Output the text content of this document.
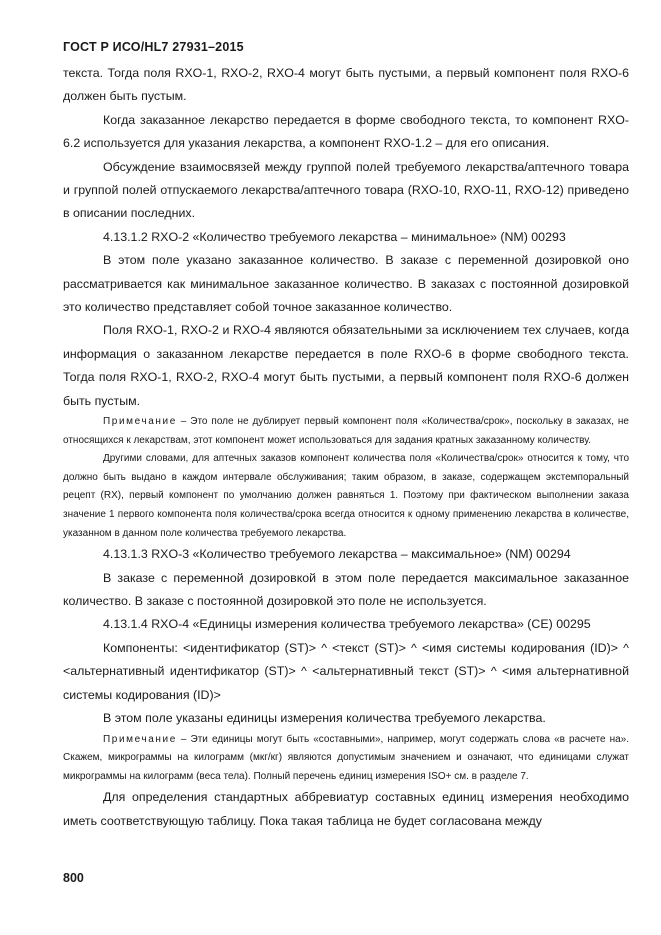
ГОСТ Р ИСО/HL7 27931–2015

текста. Тогда поля RXO-1, RXO-2, RXO-4 могут быть пустыми, а первый компонент поля RXO-6 должен быть пустым.

Когда заказанное лекарство передается в форме свободного текста, то компонент RXO-6.2 используется для указания лекарства, а компонент RXO-1.2 – для его описания.

Обсуждение взаимосвязей между группой полей требуемого лекарства/аптечного товара и группой полей отпускаемого лекарства/аптечного товара (RXO-10, RXO-11, RXO-12) приведено в описании последних.

4.13.1.2 RXO-2 «Количество требуемого лекарства – минимальное» (NM) 00293

В этом поле указано заказанное количество. В заказе с переменной дозировкой оно рассматривается как минимальное заказанное количество. В заказах с постоянной дозировкой это количество представляет собой точное заказанное количество.

Поля RXO-1, RXO-2 и RXO-4 являются обязательными за исключением тех случаев, когда информация о заказанном лекарстве передается в поле RXO-6 в форме свободного текста. Тогда поля RXO-1, RXO-2, RXO-4 могут быть пустыми, а первый компонент поля RXO-6 должен быть пустым.

Примечание – Это поле не дублирует первый компонент поля «Количества/срок», поскольку в заказах, не относящихся к лекарствам, этот компонент может использоваться для задания кратных заказанному количеству.

Другими словами, для аптечных заказов компонент количества поля «Количества/срок» относится к тому, что должно быть выдано в каждом интервале обслуживания; таким образом, в заказе, содержащем экстемпоральный рецепт (RX), первый компонент по умолчанию должен равняться 1. Поэтому при фактическом выполнении заказа значение 1 первого компонента поля количества/срока всегда относится к одному применению лекарства в количестве, указанном в данном поле количества требуемого лекарства.

4.13.1.3 RXO-3 «Количество требуемого лекарства – максимальное» (NM) 00294

В заказе с переменной дозировкой в этом поле передается максимальное заказанное количество. В заказе с постоянной дозировкой это поле не используется.

4.13.1.4 RXO-4 «Единицы измерения количества требуемого лекарства» (CE) 00295

Компоненты: <идентификатор (ST)> ^ <текст (ST)> ^ <имя системы кодирования (ID)> ^ <альтернативный идентификатор (ST)> ^ <альтернативный текст (ST)> ^ <имя альтернативной системы кодирования (ID)>

В этом поле указаны единицы измерения количества требуемого лекарства.

Примечание – Эти единицы могут быть «составными», например, могут содержать слова «в расчете на». Скажем, микрограммы на килограмм (мкг/кг) являются допустимым значением и означают, что единицами служат микрограммы на килограмм (веса тела). Полный перечень единиц измерения ISO+ см. в разделе 7.

Для определения стандартных аббревиатур составных единиц измерения необходимо иметь соответствующую таблицу. Пока такая таблица не будет согласована между

800
